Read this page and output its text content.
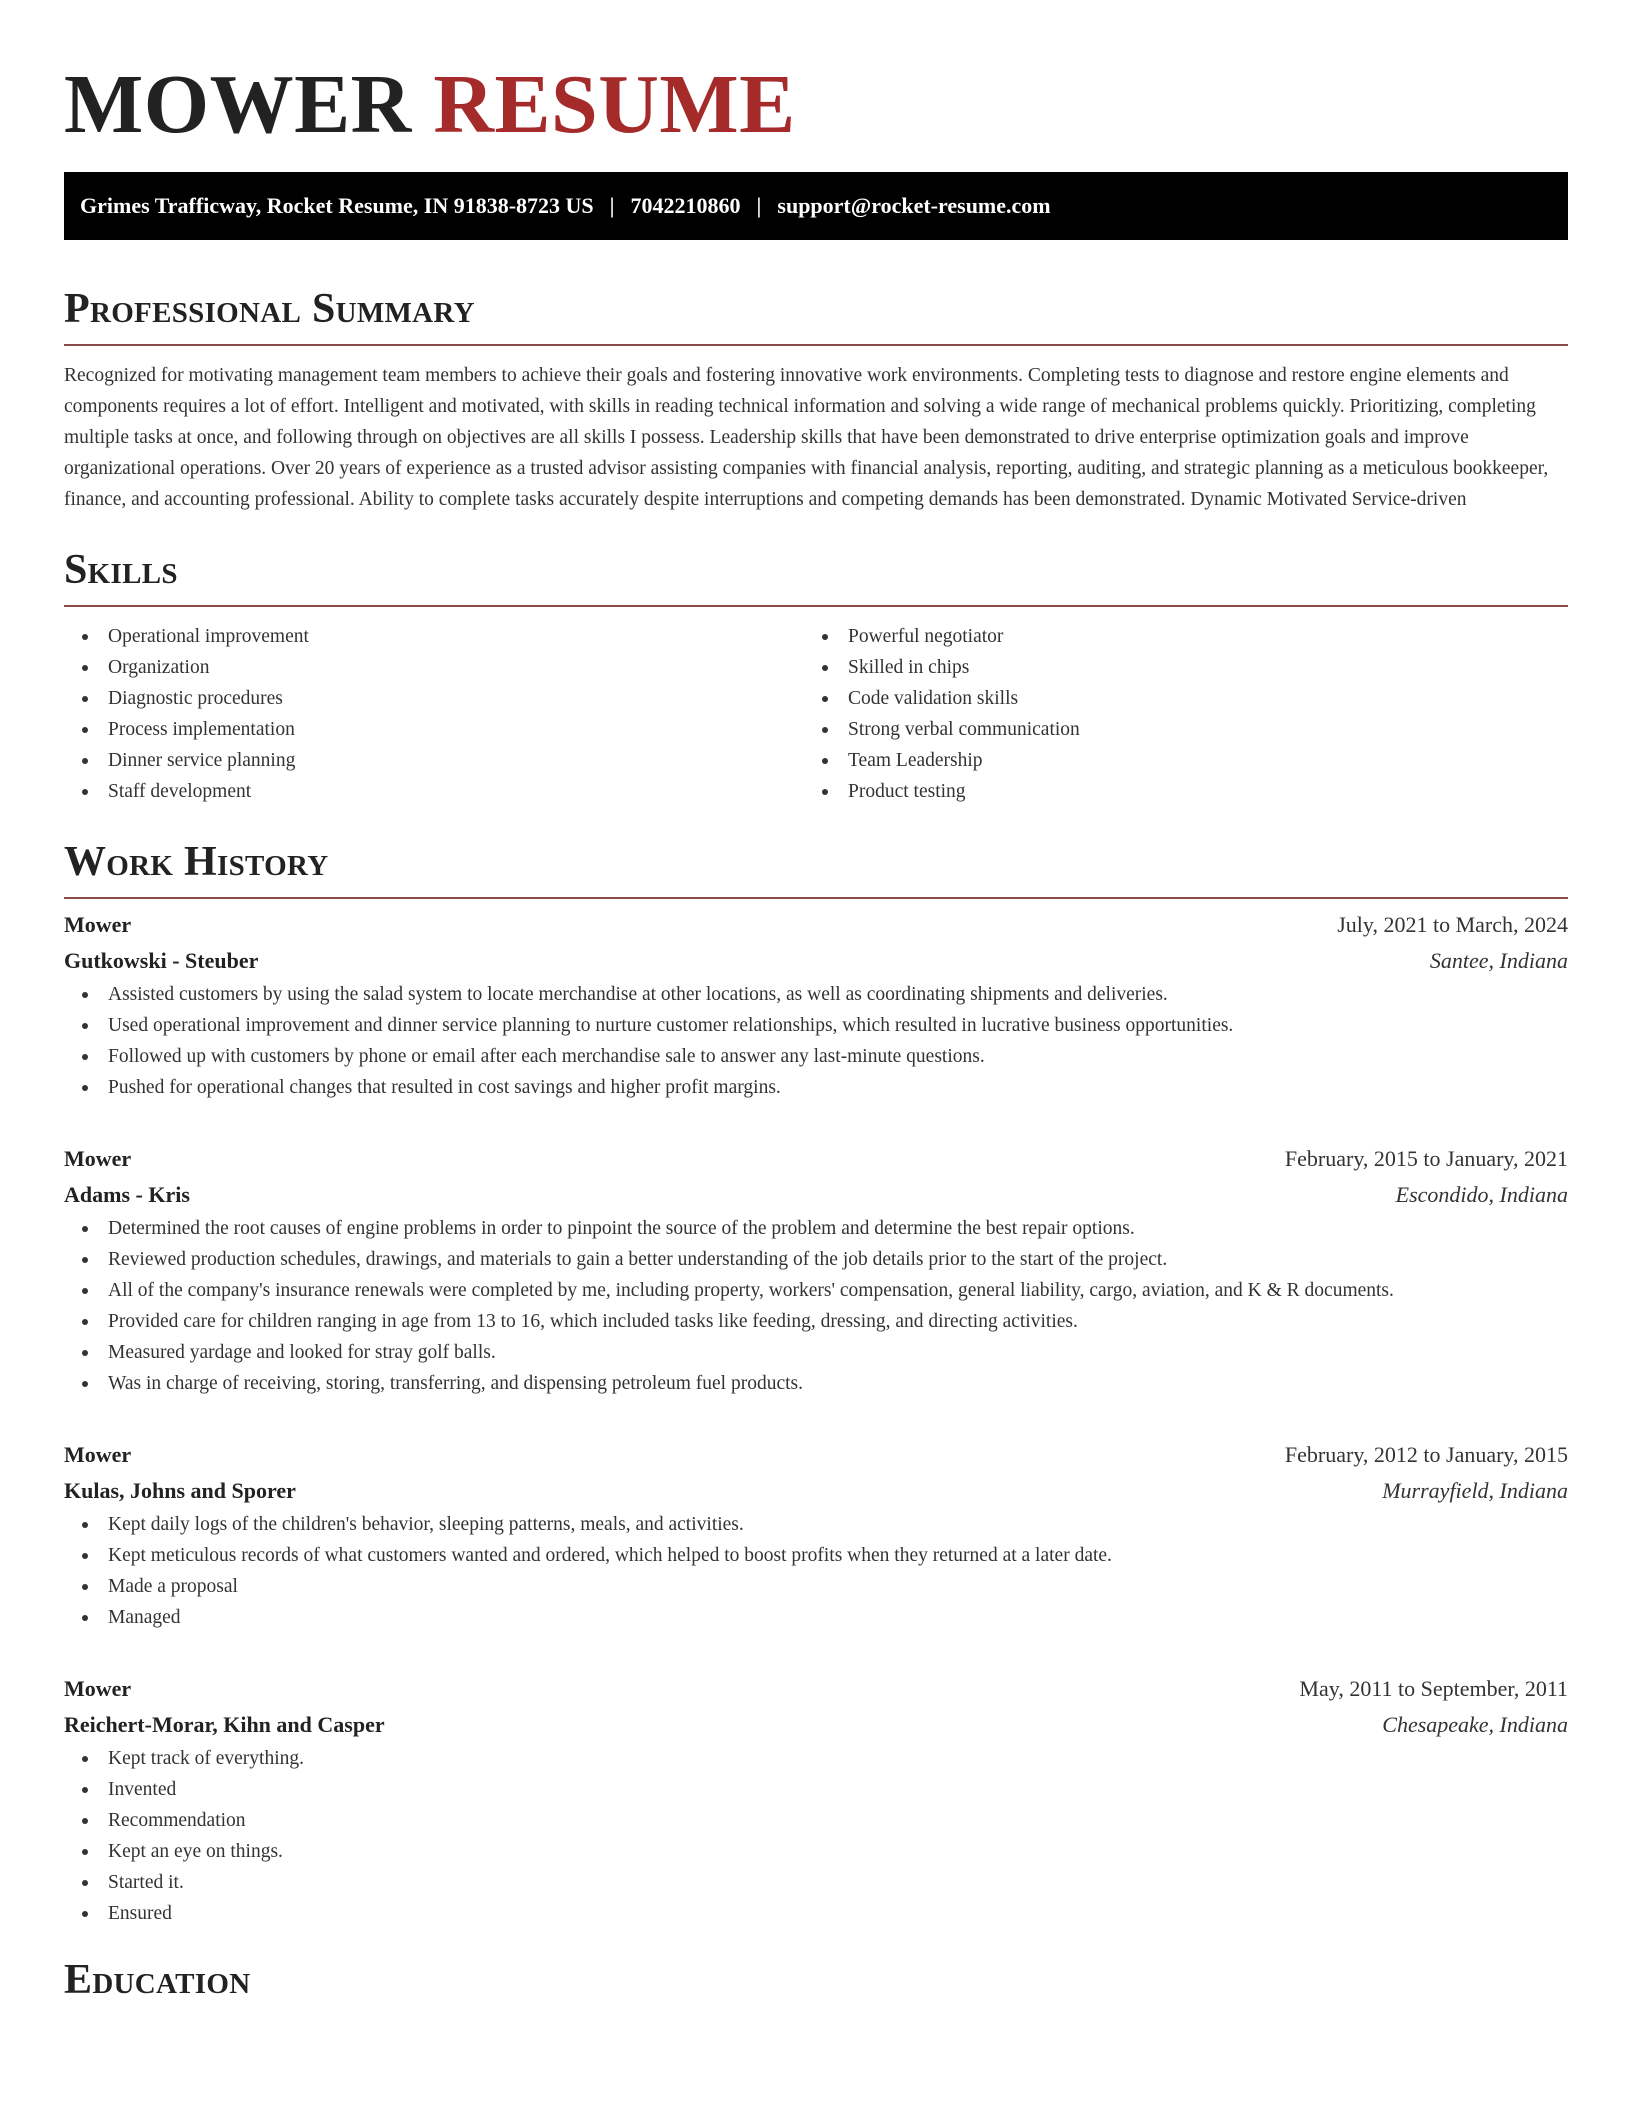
MOWER RESUME
Grimes Trafficway, Rocket Resume, IN 91838-8723 US | 7042210860 | support@rocket-resume.com
Professional Summary

Recognized for motivating management team members to achieve their goals and fostering innovative work environments. Completing tests to diagnose and restore engine elements and components requires a lot of effort. Intelligent and motivated, with skills in reading technical information and solving a wide range of mechanical problems quickly. Prioritizing, completing multiple tasks at once, and following through on objectives are all skills I possess. Leadership skills that have been demonstrated to drive enterprise optimization goals and improve organizational operations. Over 20 years of experience as a trusted advisor assisting companies with financial analysis, reporting, auditing, and strategic planning as a meticulous bookkeeper, finance, and accounting professional. Ability to complete tasks accurately despite interruptions and competing demands has been demonstrated. Dynamic Motivated Service-driven

Skills
Operational improvement
Organization
Diagnostic procedures
Process implementation
Dinner service planning
Staff development
Powerful negotiator
Skilled in chips
Code validation skills
Strong verbal communication
Team Leadership
Product testing
Work History
Mower	July, 2021 to March, 2024
Gutkowski - Steuber	Santee, Indiana
Assisted customers by using the salad system to locate merchandise at other locations, as well as coordinating shipments and deliveries.
Used operational improvement and dinner service planning to nurture customer relationships, which resulted in lucrative business opportunities.
Followed up with customers by phone or email after each merchandise sale to answer any last-minute questions.
Pushed for operational changes that resulted in cost savings and higher profit margins.
Mower	February, 2015 to January, 2021
Adams - Kris	Escondido, Indiana
Determined the root causes of engine problems in order to pinpoint the source of the problem and determine the best repair options.
Reviewed production schedules, drawings, and materials to gain a better understanding of the job details prior to the start of the project.
All of the company's insurance renewals were completed by me, including property, workers' compensation, general liability, cargo, aviation, and K & R documents.
Provided care for children ranging in age from 13 to 16, which included tasks like feeding, dressing, and directing activities.
Measured yardage and looked for stray golf balls.
Was in charge of receiving, storing, transferring, and dispensing petroleum fuel products.
Mower	February, 2012 to January, 2015
Kulas, Johns and Sporer	Murrayfield, Indiana
Kept daily logs of the children's behavior, sleeping patterns, meals, and activities.
Kept meticulous records of what customers wanted and ordered, which helped to boost profits when they returned at a later date.
Made a proposal
Managed
Mower	May, 2011 to September, 2011
Reichert-Morar, Kihn and Casper	Chesapeake, Indiana
Kept track of everything.
Invented
Recommendation
Kept an eye on things.
Started it.
Ensured
Education
